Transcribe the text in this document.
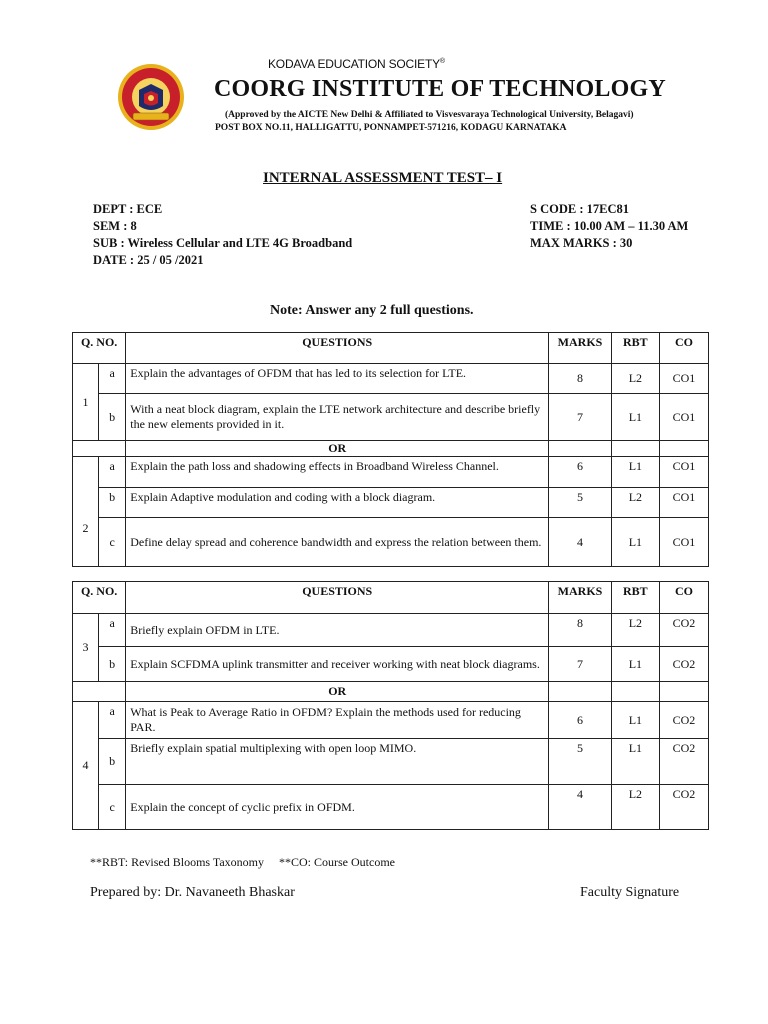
KODAVA EDUCATION SOCIETY®
COORG INSTITUTE OF TECHNOLOGY
(Approved by the AICTE New Delhi & Affiliated to Visvesvaraya Technological University, Belagavi)
POST BOX NO.11, HALLIGATTU, PONNAMPET-571216, KODAGU KARNATAKA
INTERNAL ASSESSMENT TEST– I
DEPT : ECE
SEM : 8
SUB : Wireless Cellular and LTE 4G Broadband
DATE : 25 / 05 /2021
S CODE : 17EC81
TIME : 10.00 AM – 11.30 AM
MAX MARKS : 30
Note: Answer any 2 full questions.
Q. NO.		QUESTIONS	MARKS	RBT	CO
1	a	Explain the advantages of OFDM that has led to its selection for LTE.	8	L2	CO1
	b	With a neat block diagram, explain the LTE network architecture and describe briefly the new elements provided in it.	7	L1	CO1
		OR			
2	a	Explain the path loss and shadowing effects in Broadband Wireless Channel.	6	L1	CO1
	b	Explain Adaptive modulation and coding with a block diagram.	5	L2	CO1
	c	Define delay spread and coherence bandwidth and express the relation between them.	4	L1	CO1
Q. NO.		QUESTIONS	MARKS	RBT	CO
3	a	Briefly explain OFDM in LTE.	8	L2	CO2
	b	Explain SCFDMA uplink transmitter and receiver working with neat block diagrams.	7	L1	CO2
		OR			
4	a	What is Peak to Average Ratio in OFDM? Explain the methods used for reducing PAR.	6	L1	CO2
	b	Briefly explain spatial multiplexing with open loop MIMO.	5	L1	CO2
	c	Explain the concept of cyclic prefix in OFDM.	4	L2	CO2
**RBT: Revised Blooms Taxonomy     **CO: Course Outcome
Prepared by: Dr. Navaneeth Bhaskar	Faculty Signature
